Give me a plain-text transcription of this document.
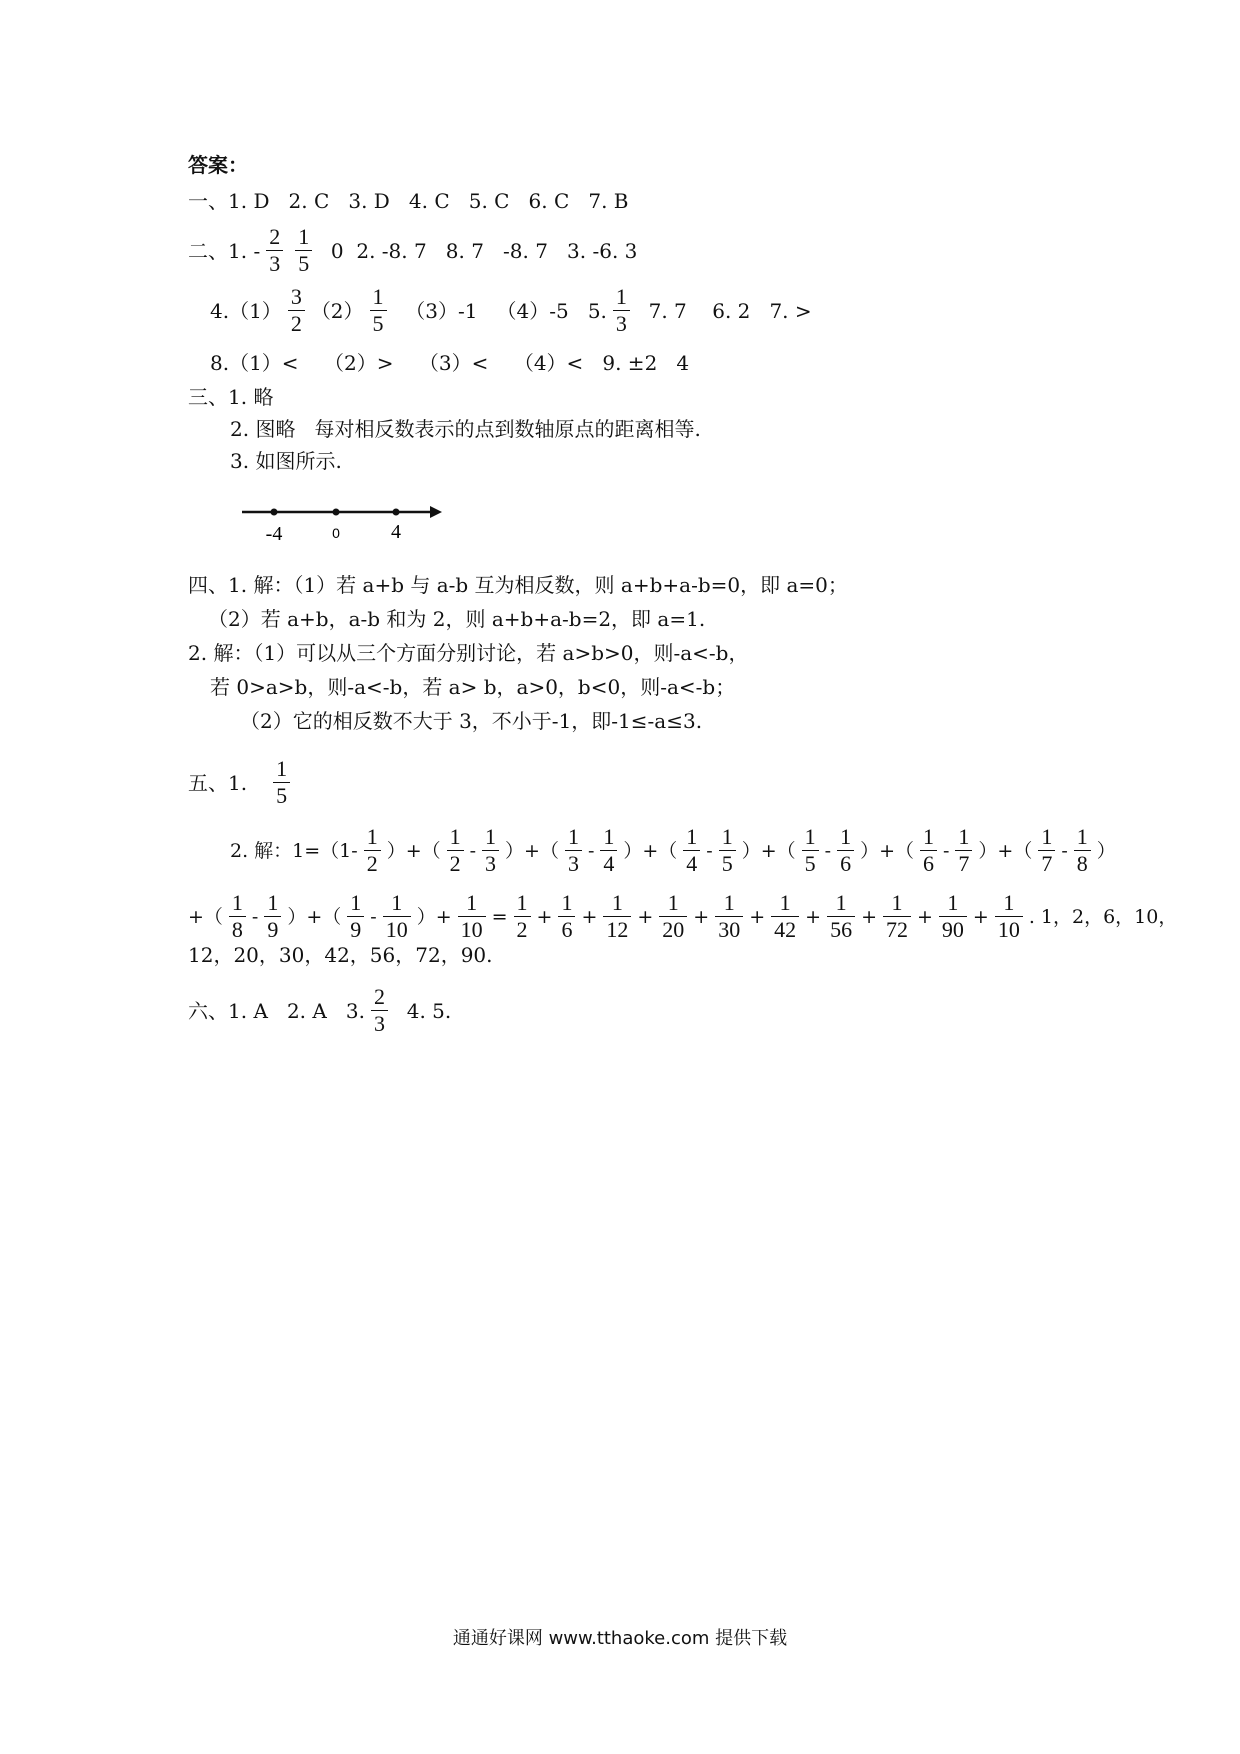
答案：
一、1. D   2. C   3. D   4. C   5. C   6. C   7. B
二、1. - $\frac{2}{3} \frac{1}{5} 0$  2. -8. 7   8. 7   -8. 7   3. -6. 3
$4.(1) \frac{3}{2} (2) \frac{1}{5} (3)-1$   （4）-5   5. $\frac{1}{3} 7$. 7    6. 2   7. >
8.（1）<    （2）>    （3）<    （4）<   9. ±2   4
三、1. 略
2. 图略   每对相反数表示的点到数轴原点的距离相等.
3. 如图所示.
-4	0	4
四、1. 解：（1）若 a+b 与 a-b 互为相反数，则 a+b+a-b=0，即 a=0；
（2）若 a+b，a-b 和为 2，则 a+b+a-b=2，即 a=1.
2. 解：（1）可以从三个方面分别讨论，若 a>b>0，则-a<-b，
若 0>a>b，则-a<-b，若 a> b，a>0，b<0，则-a<-b；
（2）它的相反数不大于 3，不小于-1，即-1≤-a≤3.
五、1. $\frac{1}{5}$
2. 解：$1=(1- \frac{1}{2}$ ）+（ $\frac{1}{2} - \frac{1}{3}$ ）+（ $\frac{1}{3} - \frac{1}{4}$ ）+（ $\frac{1}{4} - \frac{1}{5}$ ）+（ $\frac{1}{5} - \frac{1}{6}$ ）+（ $\frac{1}{6} - \frac{1}{7}$ ）+（ $\frac{1}{7} - \frac{1}{8}$ ）
+（ $\frac{1}{8} - \frac{1}{9}$ ）+（ $\frac{1}{9} - \frac{1}{10}$ ）+ $\frac{1}{10} = \frac{1}{2} + \frac{1}{6} + \frac{1}{12} + \frac{1}{20} + \frac{1}{30} + \frac{1}{42} + \frac{1}{56} + \frac{1}{72} + \frac{1}{90} + \frac{1}{10}$ . 1，2，6，10，
12，20，30，42，56，72，90.
六、1. A   2. A   3. $\frac{2}{3} 4$. 5.
通通好课网 www.tthaoke.com 提供下载
